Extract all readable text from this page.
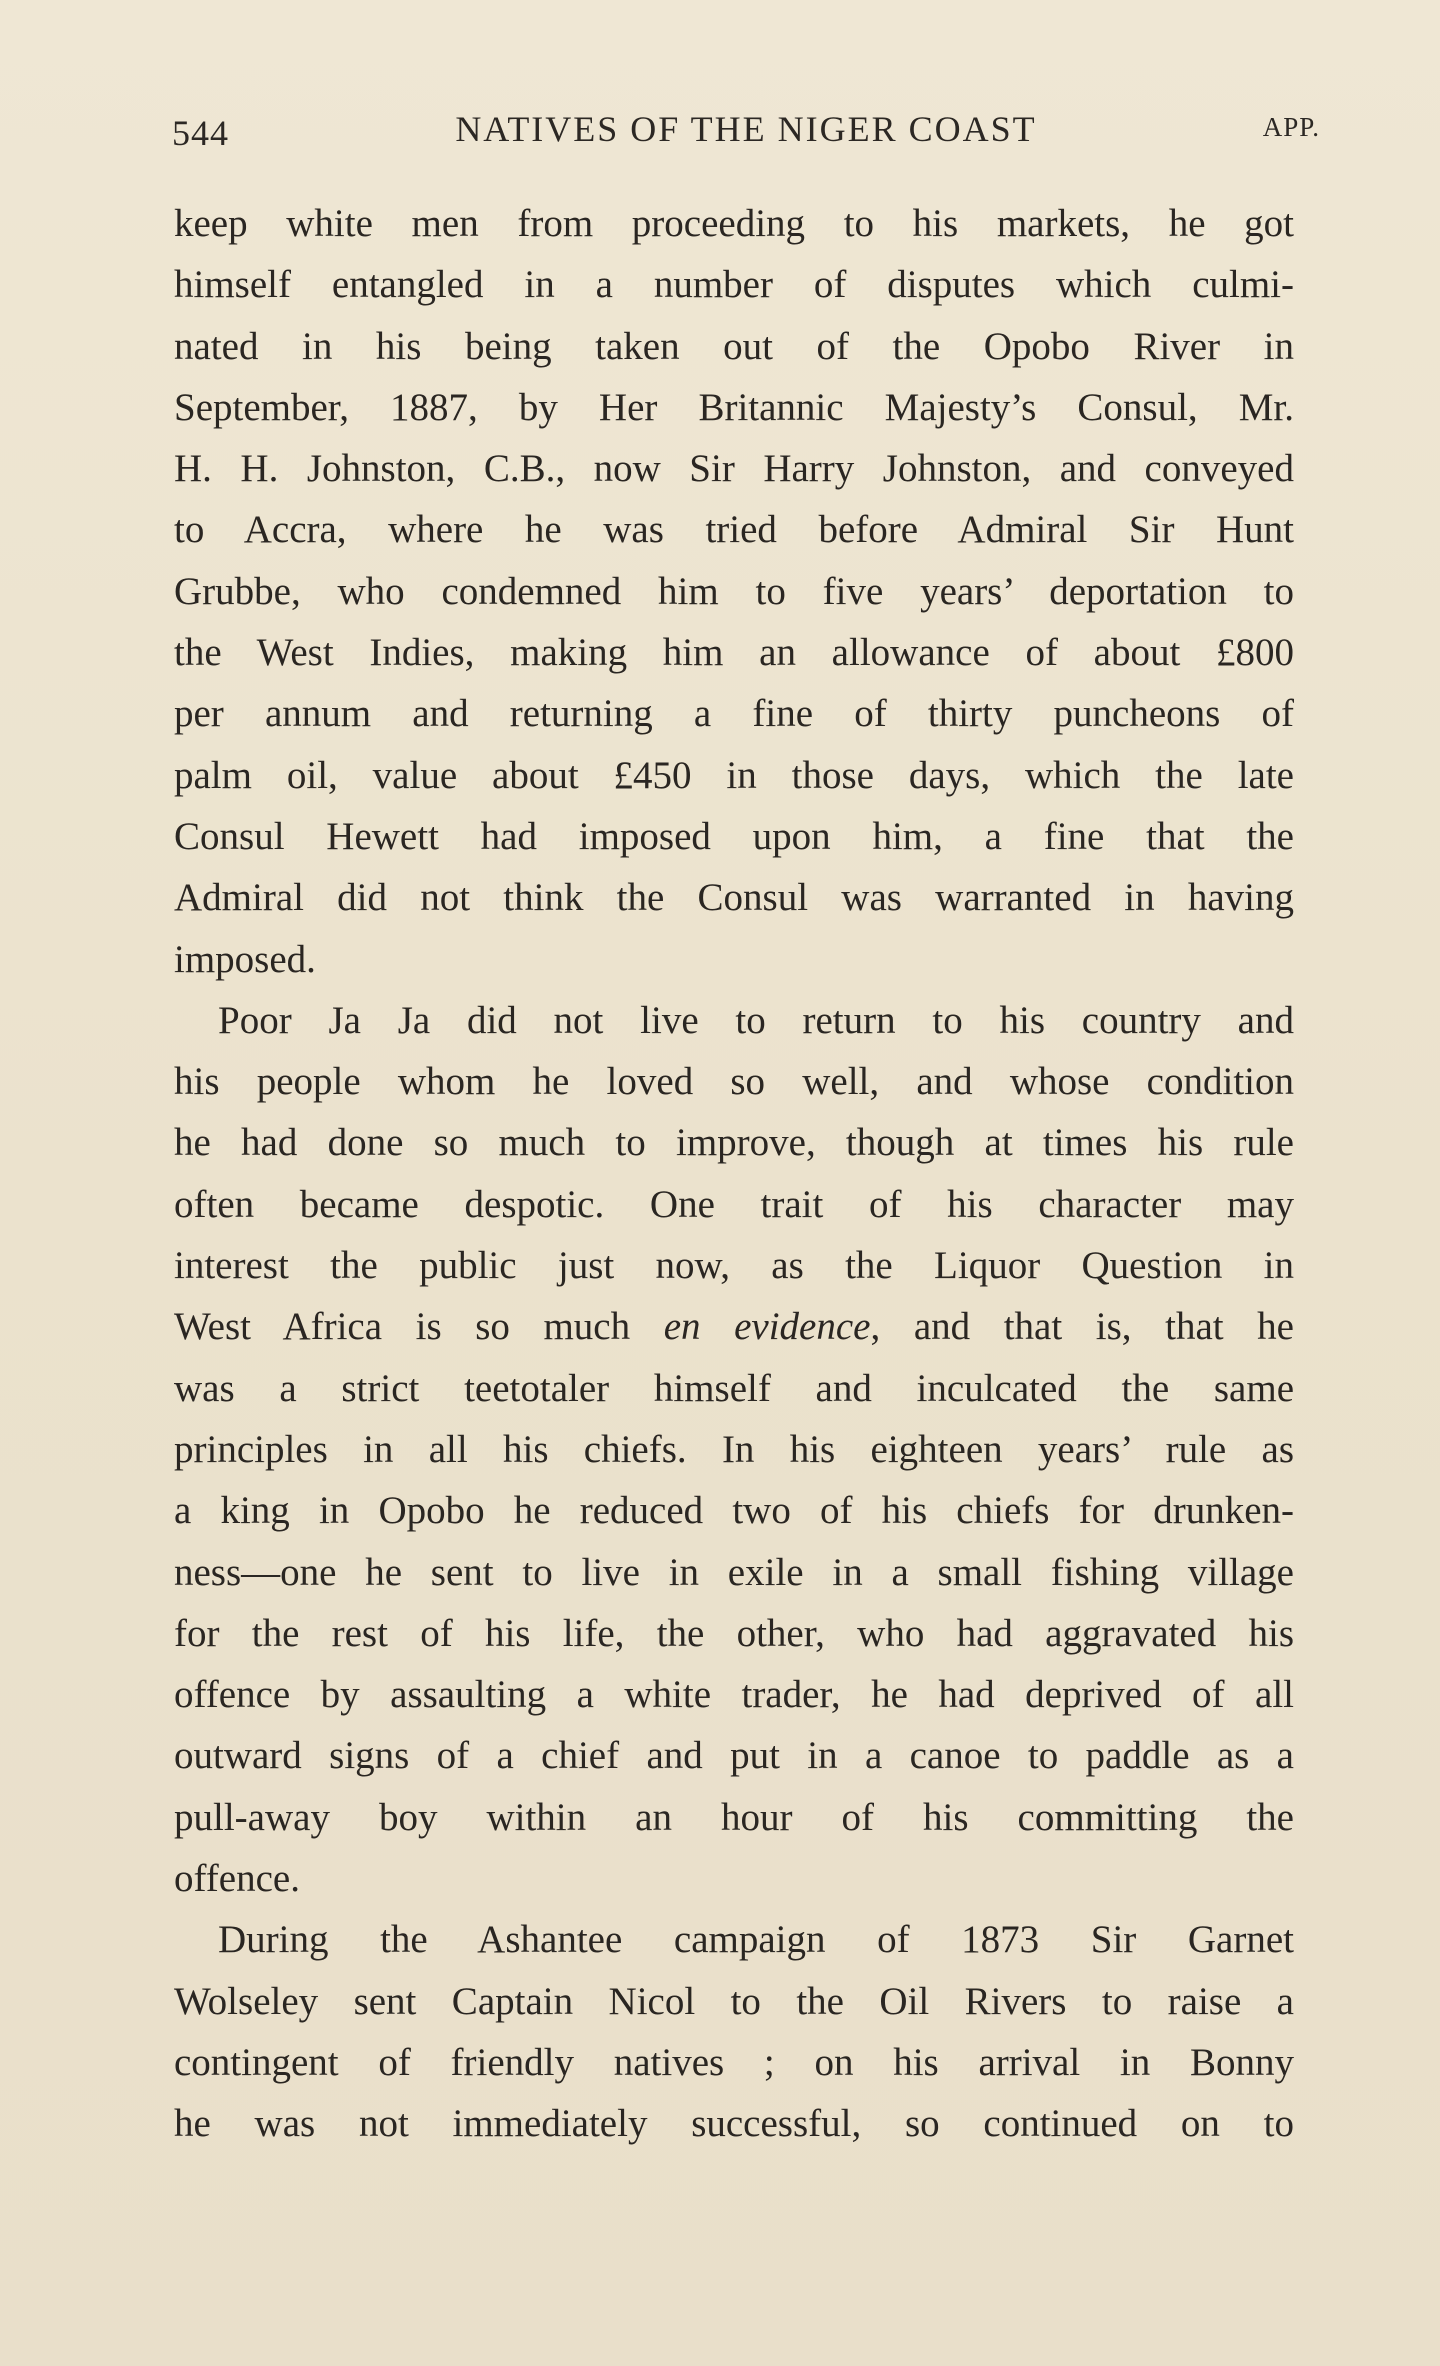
544	NATIVES OF THE NIGER COAST	APP.
keep white men from proceeding to his markets, he got
himself entangled in a number of disputes which culmi-
nated in his being taken out of the Opobo River in
September, 1887, by Her Britannic Majesty’s Consul, Mr.
H. H. Johnston, C.B., now Sir Harry Johnston, and conveyed
to Accra, where he was tried before Admiral Sir Hunt
Grubbe, who condemned him to five years’ deportation to
the West Indies, making him an allowance of about £800
per annum and returning a fine of thirty puncheons of
palm oil, value about £450 in those days, which the late
Consul Hewett had imposed upon him, a fine that the
Admiral did not think the Consul was warranted in having
imposed.
Poor Ja Ja did not live to return to his country and
his people whom he loved so well, and whose condition
he had done so much to improve, though at times his rule
often became despotic. One trait of his character may
interest the public just now, as the Liquor Question in
West Africa is so much en evidence, and that is, that he
was a strict teetotaler himself and inculcated the same
principles in all his chiefs. In his eighteen years’ rule as
a king in Opobo he reduced two of his chiefs for drunken-
ness—one he sent to live in exile in a small fishing village
for the rest of his life, the other, who had aggravated his
offence by assaulting a white trader, he had deprived of all
outward signs of a chief and put in a canoe to paddle as a
pull-away boy within an hour of his committing the
offence.
During the Ashantee campaign of 1873 Sir Garnet
Wolseley sent Captain Nicol to the Oil Rivers to raise a
contingent of friendly natives ; on his arrival in Bonny
he was not immediately successful, so continued on to
